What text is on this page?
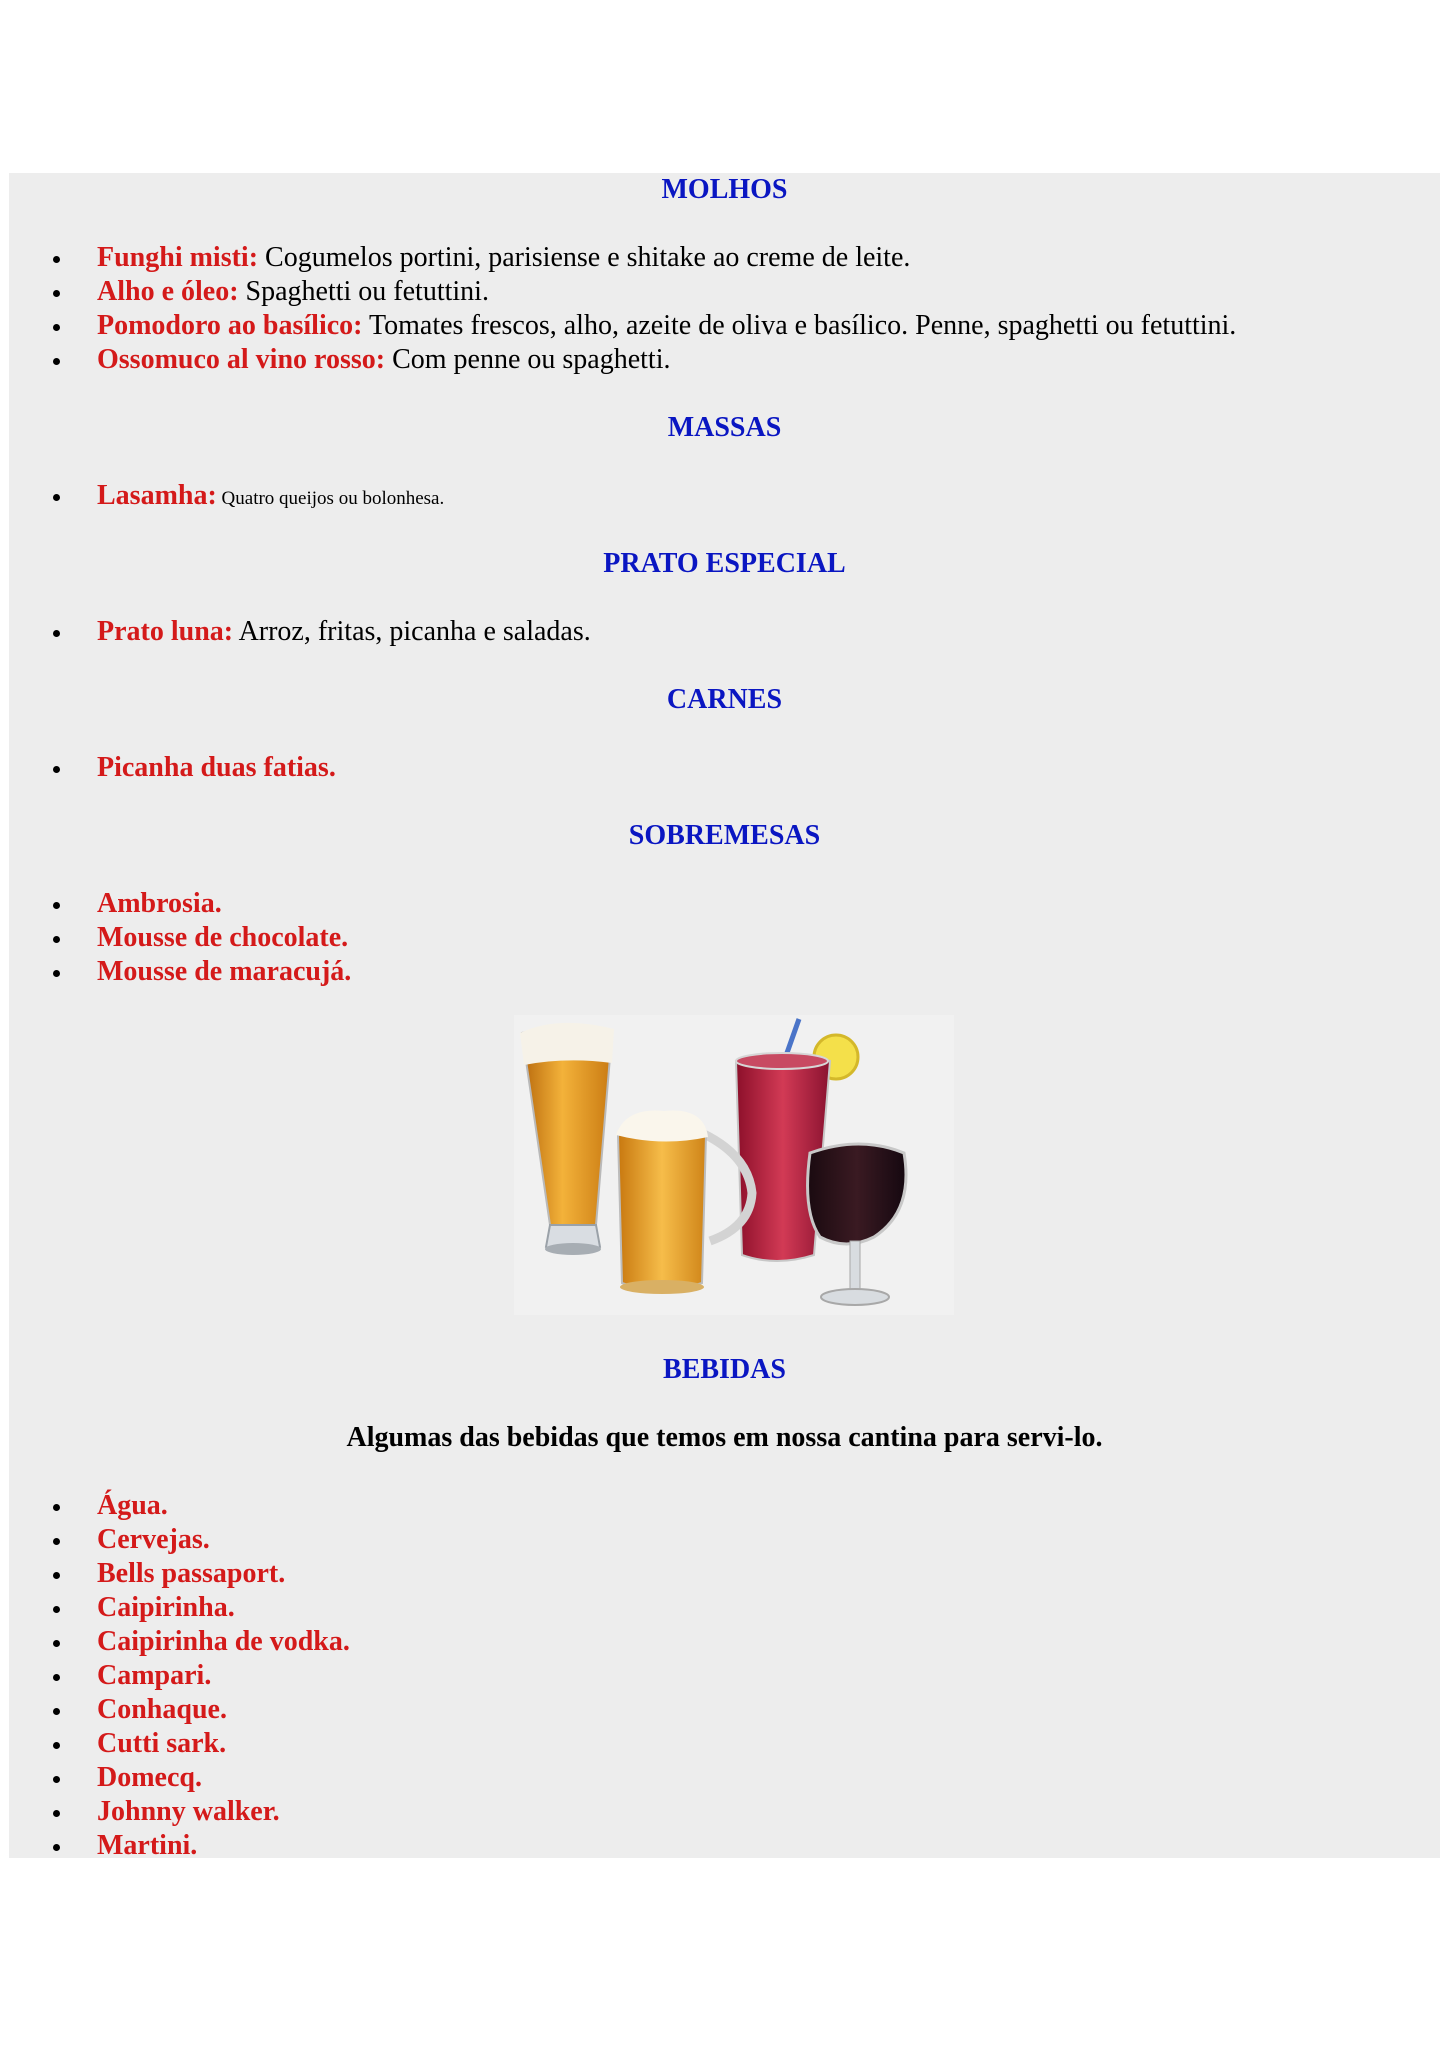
MOLHOS
Funghi misti: Cogumelos portini, parisiense e shitake ao creme de leite.
Alho e óleo: Spaghetti ou fetuttini.
Pomodoro ao basílico: Tomates frescos, alho, azeite de oliva e basílico. Penne, spaghetti ou fetuttini.
Ossomuco al vino rosso: Com penne ou spaghetti.
MASSAS
Lasamha: Quatro queijos ou bolonhesa.
PRATO ESPECIAL
Prato luna: Arroz, fritas, picanha e saladas.
CARNES
Picanha duas fatias.
SOBREMESAS
Ambrosia.
Mousse de chocolate.
Mousse de maracujá.
BEBIDAS

Algumas das bebidas que temos em nossa cantina para servi-lo.

Água.
Cervejas.
Bells passaport.
Caipirinha.
Caipirinha de vodka.
Campari.
Conhaque.
Cutti sark.
Domecq.
Johnny walker.
Martini.
